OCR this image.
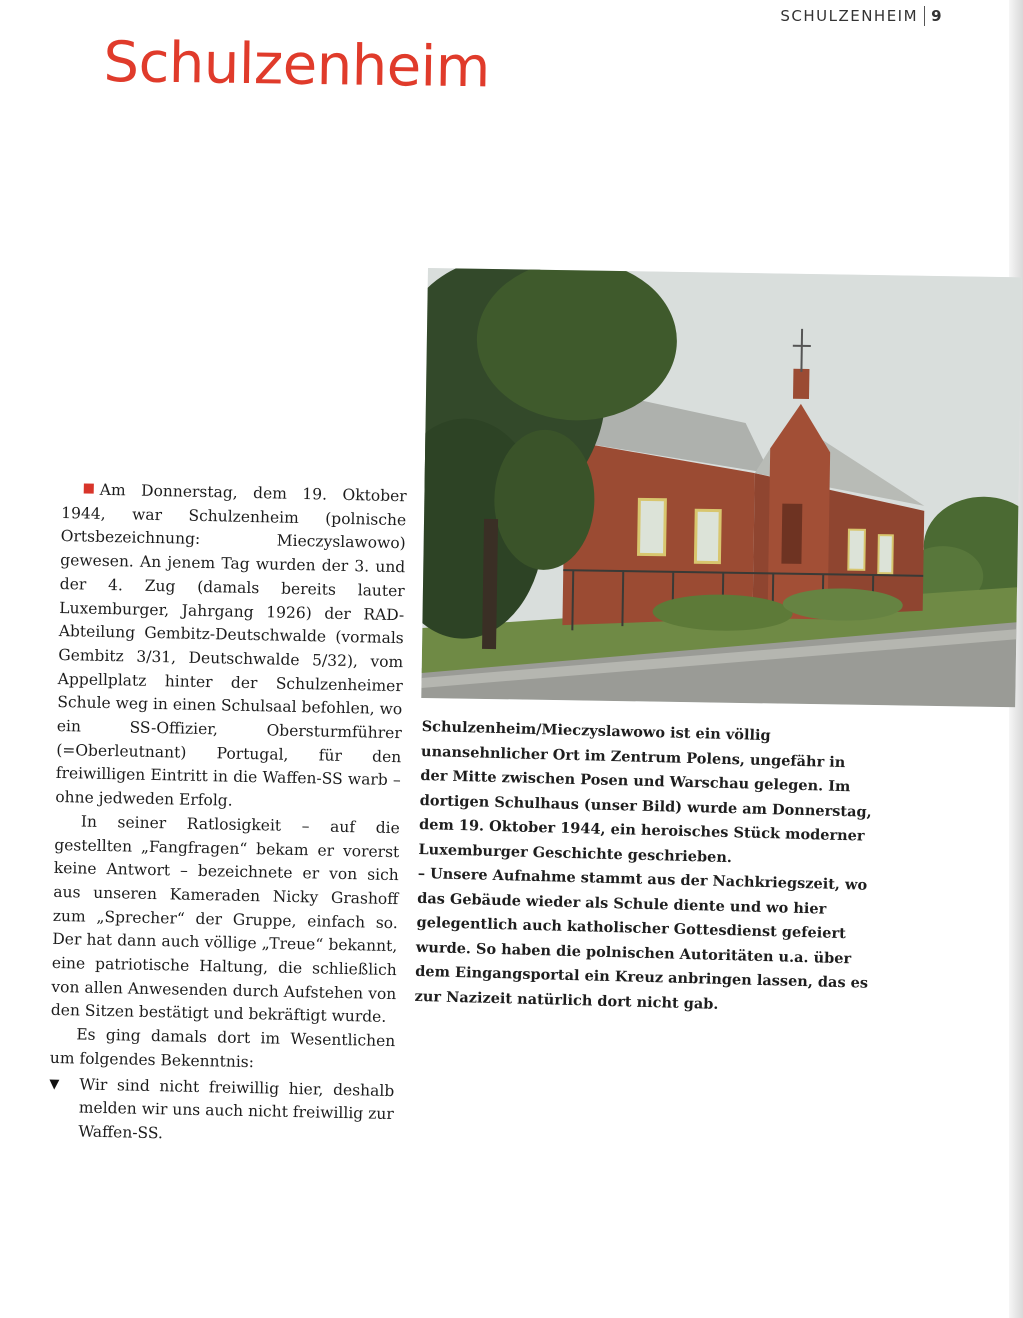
SCHULZENHEIM 9
Schulzenheim

Am Donnerstag, dem 19. Oktober 1944, war Schulzenheim (polnische Ortsbezeichnung: Mieczyslawowo) gewesen. An jenem Tag wurden der 3. und der 4. Zug (damals bereits lauter Luxemburger, Jahrgang 1926) der RAD-Abteilung Gembitz-Deutschwalde (vormals Gembitz 3/31, Deutschwalde 5/32), vom Appellplatz hinter der Schulzenheimer Schule weg in einen Schulsaal befohlen, wo ein SS-Offizier, Obersturmführer (=Oberleutnant) Portugal, für den freiwilligen Eintritt in die Waffen-SS warb – ohne jedweden Erfolg.

In seiner Ratlosigkeit – auf die gestellten „Fangfragen“ bekam er vorerst keine Antwort – bezeichnete er von sich aus unseren Kameraden Nicky Grashoff zum „Sprecher“ der Gruppe, einfach so. Der hat dann auch völlige „Treue“ bekannt, eine patriotische Haltung, die schließlich von allen Anwesenden durch Aufstehen von den Sitzen bestätigt und bekräftigt wurde.

Es ging damals dort im Wesentlichen um folgendes Bekenntnis:

▼	Wir sind nicht freiwillig hier, deshalb melden wir uns auch nicht freiwillig zur Waffen-SS.

Schulzenheim/Mieczyslawowo ist ein völlig unansehnlicher Ort im Zentrum Polens, ungefähr in der Mitte zwischen Posen und Warschau gelegen. Im dortigen Schulhaus (unser Bild) wurde am Donnerstag, dem 19. Oktober 1944, ein heroisches Stück moderner Luxemburger Geschichte geschrieben.

– Unsere Aufnahme stammt aus der Nachkriegszeit, wo das Gebäude wieder als Schule diente und wo hier gelegentlich auch katholischer Gottesdienst gefeiert wurde. So haben die polnischen Autoritäten u.a. über dem Eingangsportal ein Kreuz anbringen lassen, das es zur Nazizeit natürlich dort nicht gab.
